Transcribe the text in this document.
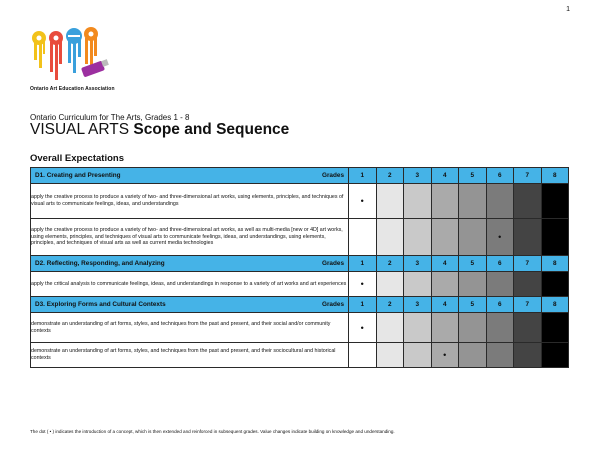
1
Ontario Art Education Association
Ontario Curriculum for The Arts, Grades 1 - 8
VISUAL ARTS Scope and Sequence
Overall Expectations
D1. Creating and Presenting Grades	1	2	3	4	5	6	7	8
apply the creative process to produce a variety of two- and three-dimensional art works, using elements, principles, and techniques of visual arts to communicate feelings, ideas, and understandings	•							
apply the creative process to produce a variety of two- and three-dimensional art works, as well as multi-media [new or 4D] art works, using elements, principles, and techniques of visual arts to communicate feelings, ideas, and understandings, using elements, principles, and techniques of visual arts as well as current media technologies						•		

D2. Reflecting, Responding, and Analyzing Grades	1	2	3	4	5	6	7	8
apply the critical analysis to communicate feelings, ideas, and understandings in response to a variety of art works and art experiences	•							

D3. Exploring Forms and Cultural Contexts Grades	1	2	3	4	5	6	7	8
demonstrate an understanding of art forms, styles, and techniques from the past and present, and their social and/or community contexts	•							
demonstrate an understanding of art forms, styles, and techniques from the past and present, and their sociocultural and historical contexts				•				
The dot ( • ) indicates the introduction of a concept, which is then extended and reinforced in subsequent grades. Value changes indicate building on knowledge and understanding.
